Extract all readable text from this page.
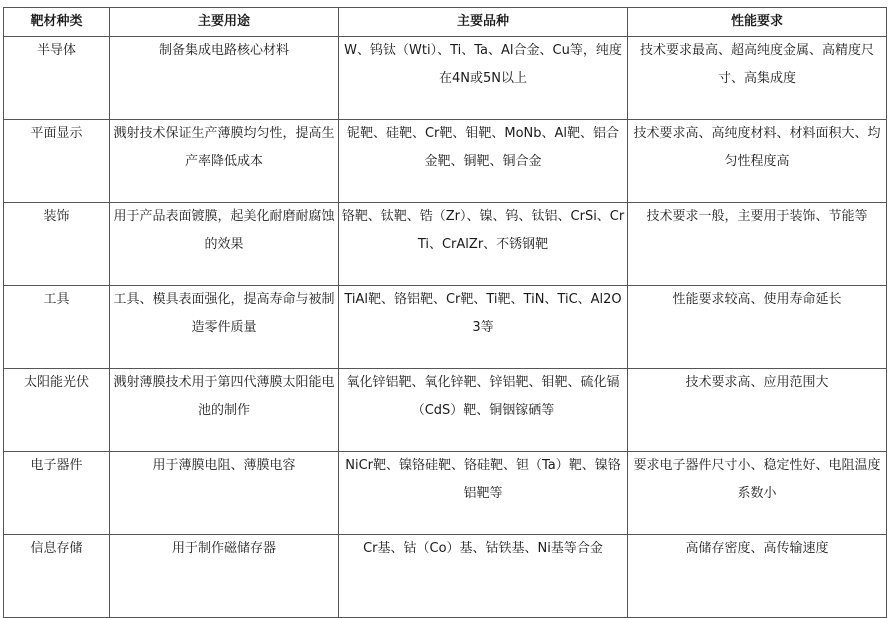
靶材种类	主要用途	主要品种	性能要求
半导体	制备集成电路核心材料	W、钨钛（Wti）、Ti、Ta、Al合金、Cu等，纯度在4N或5N以上	技术要求最高、超高纯度金属、高精度尺寸、高集成度
平面显示	溅射技术保证生产薄膜均匀性，提高生产率降低成本	铌靶、硅靶、Cr靶、钼靶、MoNb、Al靶、铝合金靶、铜靶、铜合金	技术要求高、高纯度材料、材料面积大、均匀性程度高
装饰	用于产品表面镀膜，起美化耐磨耐腐蚀的效果	铬靶、钛靶、锆（Zr）、镍、钨、钛铝、CrSi、CrTi、CrAlZr、不锈钢靶	技术要求一般，主要用于装饰、节能等
工具	工具、模具表面强化，提高寿命与被制造零件质量	TiAl靶、铬铝靶、Cr靶、Ti靶、TiN、TiC、Al2O3等	性能要求较高、使用寿命延长
太阳能光伏	溅射薄膜技术用于第四代薄膜太阳能电池的制作	氧化锌铝靶、氧化锌靶、锌铝靶、钼靶、硫化镉（CdS）靶、铜铟镓硒等	技术要求高、应用范围大
电子器件	用于薄膜电阻、薄膜电容	NiCr靶、镍铬硅靶、铬硅靶、钽（Ta）靶、镍铬铝靶等	要求电子器件尺寸小、稳定性好、电阻温度系数小
信息存储	用于制作磁储存器	Cr基、钴（Co）基、钴铁基、Ni基等合金	高储存密度、高传输速度
